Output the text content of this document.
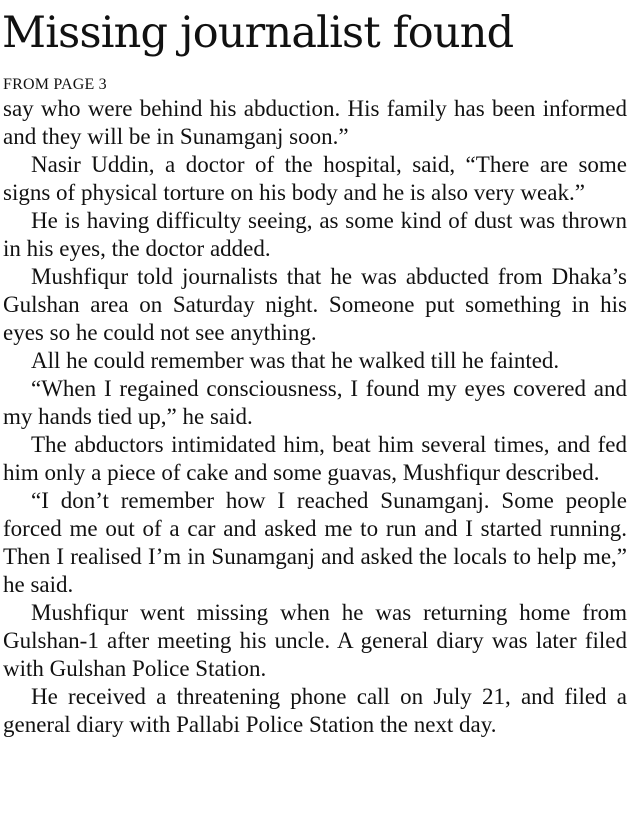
Missing journalist found
FROM PAGE 3

say who were behind his abduction. His family has been informed and they will be in Sunamganj soon.”

Nasir Uddin, a doctor of the hospital, said, “There are some signs of physical torture on his body and he is also very weak.”

He is having difficulty seeing, as some kind of dust was thrown in his eyes, the doctor added.

Mushfiqur told journalists that he was abducted from Dhaka’s Gulshan area on Saturday night. Someone put something in his eyes so he could not see anything.

All he could remember was that he walked till he fainted.

“When I regained consciousness, I found my eyes covered and my hands tied up,” he said.

The abductors intimidated him, beat him several times, and fed him only a piece of cake and some guavas, Mushfiqur described.

“I don’t remember how I reached Sunamganj. Some people forced me out of a car and asked me to run and I started running. Then I realised I’m in Sunamganj and asked the locals to help me,” he said.

Mushfiqur went missing when he was returning home from Gulshan-1 after meeting his uncle. A general diary was later filed with Gulshan Police Station.

He received a threatening phone call on July 21, and filed a general diary with Pallabi Police Station the next day.
